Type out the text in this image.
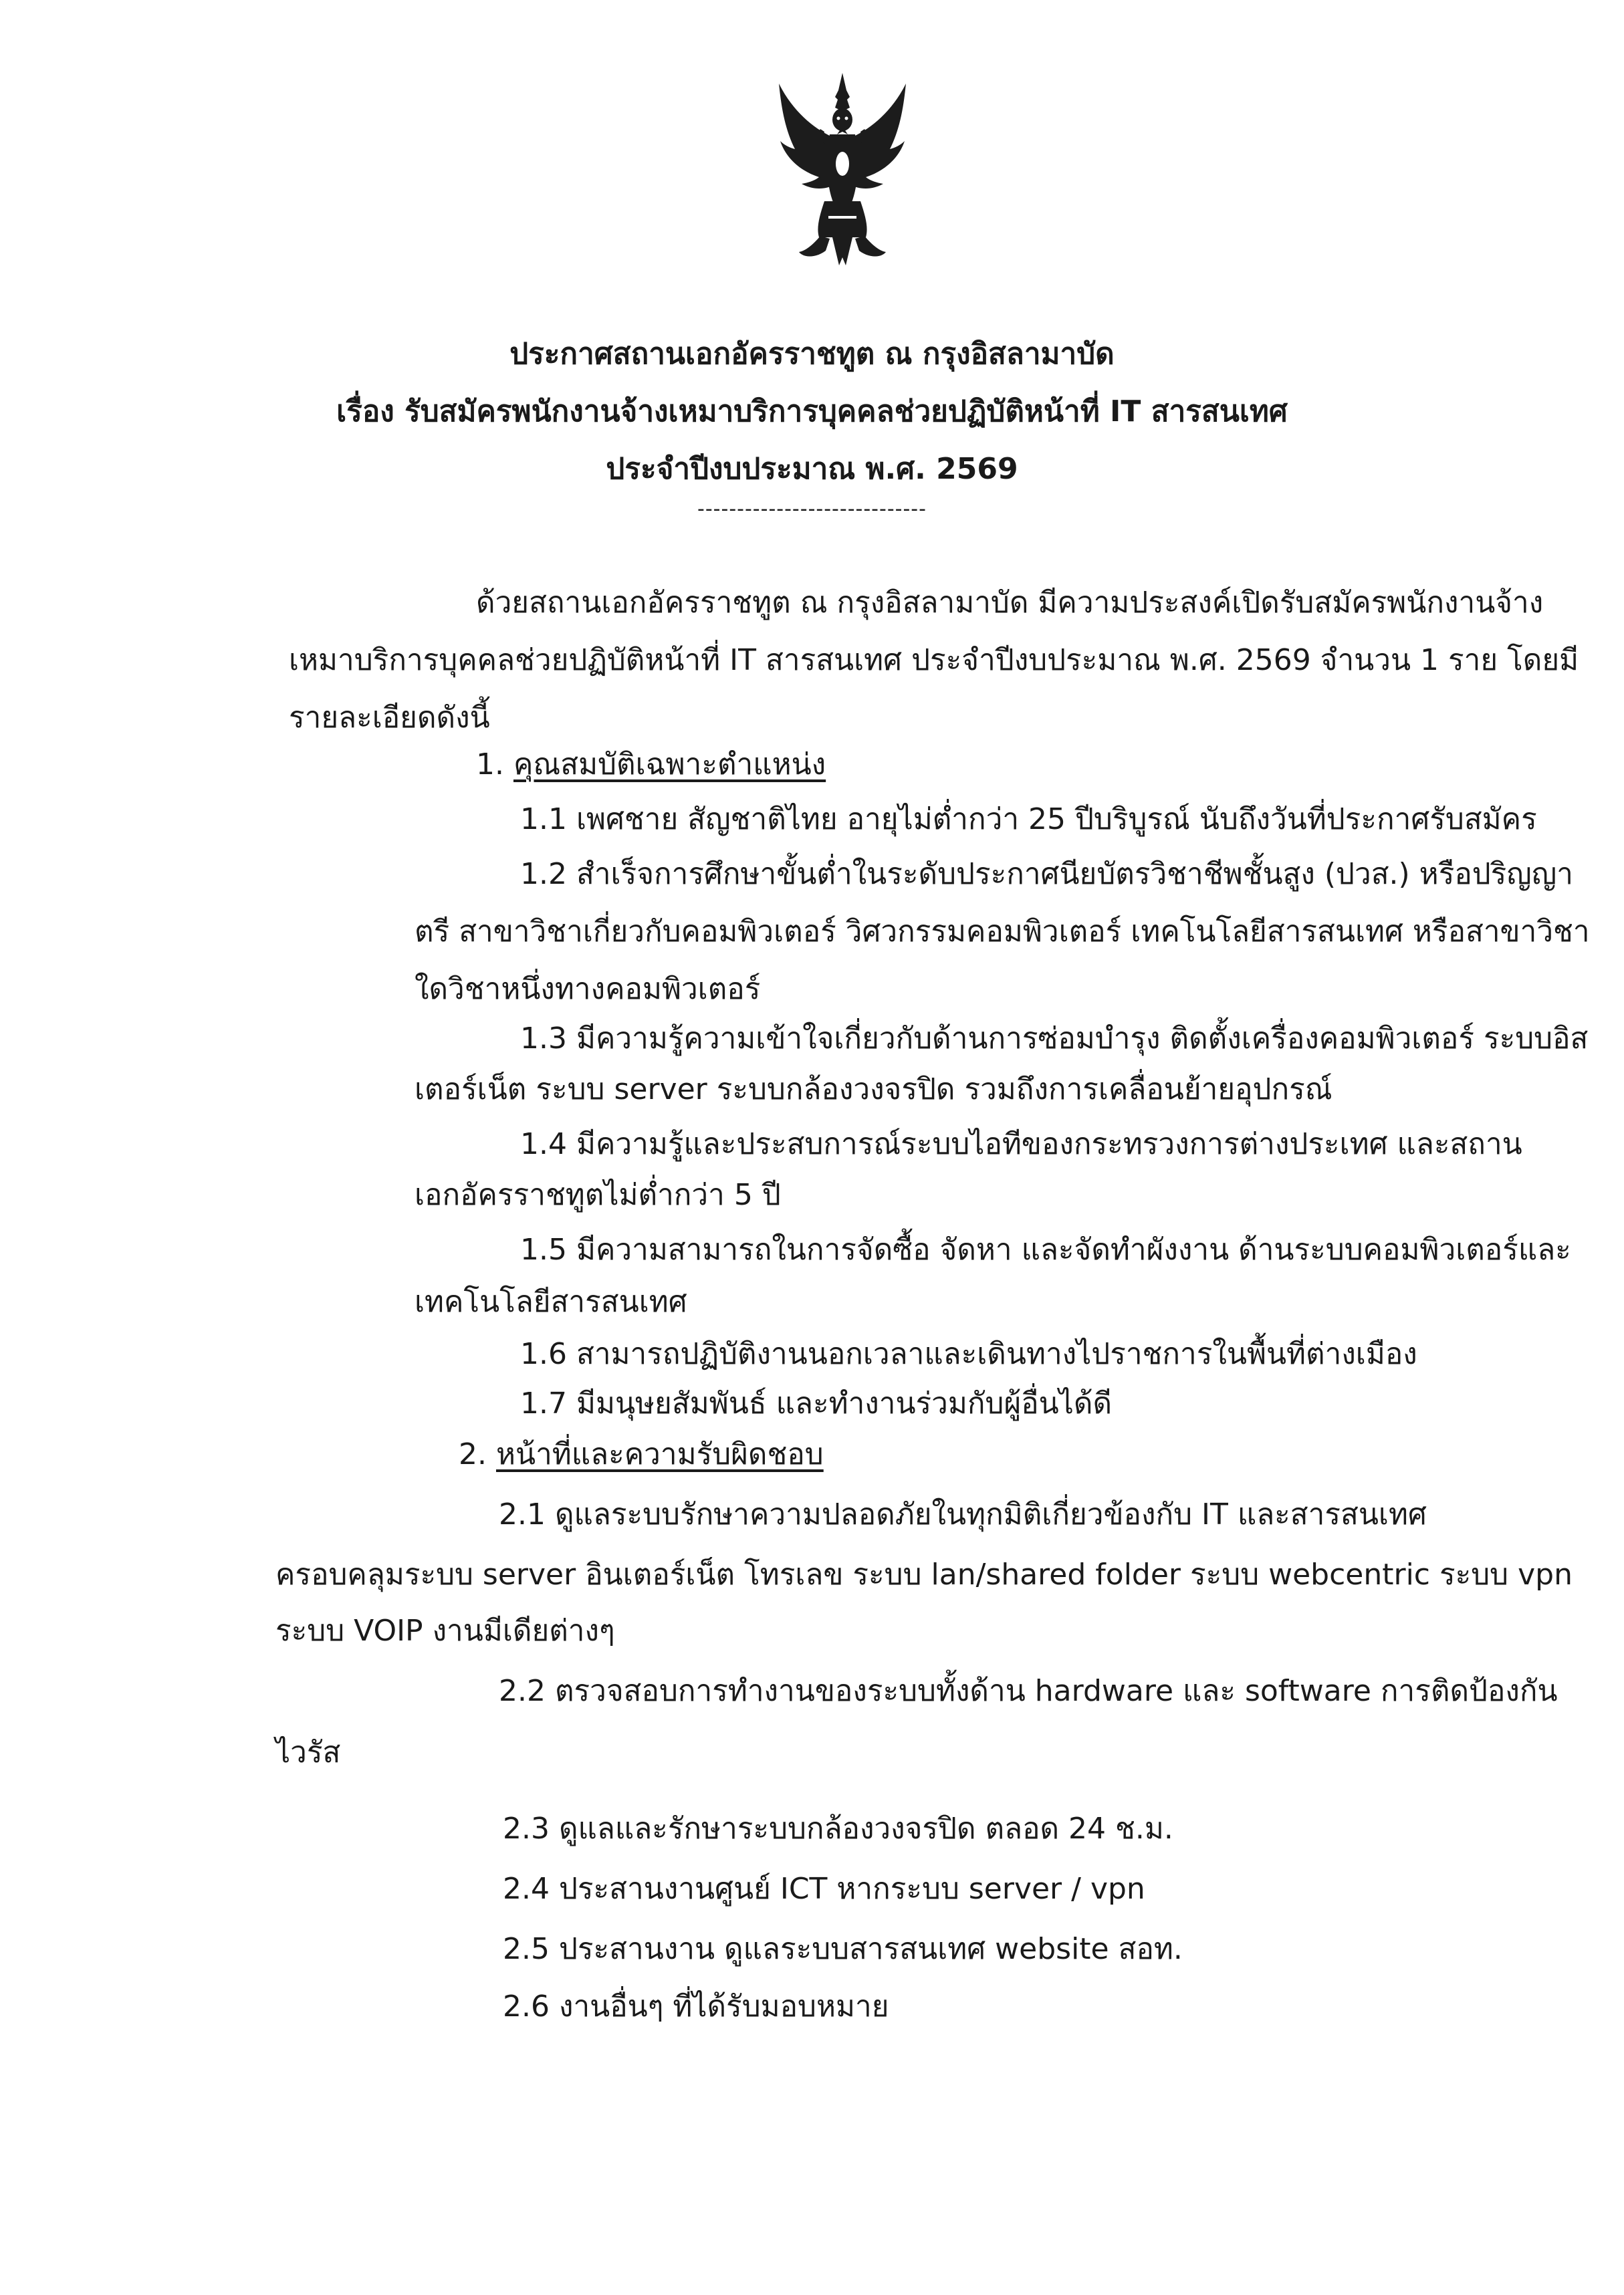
ประกาศสถานเอกอัครราชทูต ณ กรุงอิสลามาบัด
เรื่อง รับสมัครพนักงานจ้างเหมาบริการบุคคลช่วยปฏิบัติหน้าที่ IT สารสนเทศ
ประจำปีงบประมาณ พ.ศ. 2569
-----------------------------
ด้วยสถานเอกอัครราชทูต ณ กรุงอิสลามาบัด มีความประสงค์เปิดรับสมัครพนักงานจ้าง
เหมาบริการบุคคลช่วยปฏิบัติหน้าที่ IT สารสนเทศ ประจำปีงบประมาณ พ.ศ. 2569 จำนวน 1 ราย โดยมี
รายละเอียดดังนี้
1. คุณสมบัติเฉพาะตำแหน่ง
1.1 เพศชาย สัญชาติไทย อายุไม่ต่ำกว่า 25 ปีบริบูรณ์ นับถึงวันที่ประกาศรับสมัคร
1.2 สำเร็จการศึกษาขั้นต่ำในระดับประกาศนียบัตรวิชาชีพชั้นสูง (ปวส.) หรือปริญญา
ตรี สาขาวิชาเกี่ยวกับคอมพิวเตอร์ วิศวกรรมคอมพิวเตอร์ เทคโนโลยีสารสนเทศ หรือสาขาวิชา
ใดวิชาหนึ่งทางคอมพิวเตอร์
1.3 มีความรู้ความเข้าใจเกี่ยวกับด้านการซ่อมบำรุง ติดตั้งเครื่องคอมพิวเตอร์ ระบบอิส
เตอร์เน็ต ระบบ server ระบบกล้องวงจรปิด รวมถึงการเคลื่อนย้ายอุปกรณ์
1.4 มีความรู้และประสบการณ์ระบบไอทีของกระทรวงการต่างประเทศ และสถาน
เอกอัครราชทูตไม่ต่ำกว่า 5 ปี
1.5 มีความสามารถในการจัดซื้อ จัดหา และจัดทำผังงาน ด้านระบบคอมพิวเตอร์และ
เทคโนโลยีสารสนเทศ
1.6 สามารถปฏิบัติงานนอกเวลาและเดินทางไปราชการในพื้นที่ต่างเมือง
1.7 มีมนุษยสัมพันธ์ และทำงานร่วมกับผู้อื่นได้ดี
2. หน้าที่และความรับผิดชอบ
2.1 ดูแลระบบรักษาความปลอดภัยในทุกมิติเกี่ยวข้องกับ IT และสารสนเทศ
ครอบคลุมระบบ server อินเตอร์เน็ต โทรเลข ระบบ lan/shared folder ระบบ webcentric ระบบ vpn
ระบบ VOIP งานมีเดียต่างๆ
2.2 ตรวจสอบการทำงานของระบบทั้งด้าน hardware และ software การติดป้องกัน
ไวรัส
2.3 ดูแลและรักษาระบบกล้องวงจรปิด ตลอด 24 ช.ม.
2.4 ประสานงานศูนย์ ICT หากระบบ server / vpn
2.5 ประสานงาน ดูแลระบบสารสนเทศ website สอท.
2.6 งานอื่นๆ ที่ได้รับมอบหมาย
